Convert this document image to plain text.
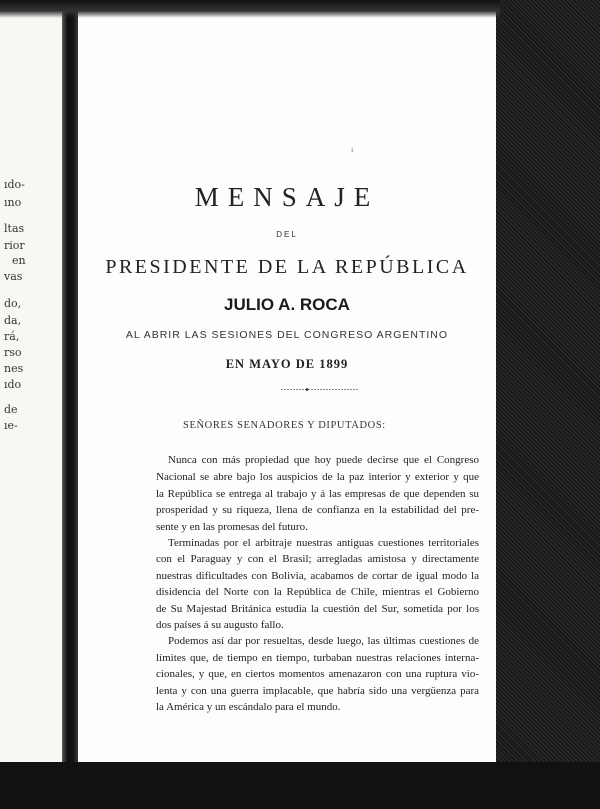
ıdo-
ıno
ltas
rior
en
vas
do,
da,
rá,
rso
nes
ıdo
de
ıe-
ı
MENSAJE
DEL
PRESIDENTE DE LA REPÚBLICA
JULIO A. ROCA
AL ABRIR LAS SESIONES DEL CONGRESO ARGENTINO
EN MAYO DE 1899
SEÑORES SENADORES Y DIPUTADOS:
Nunca con más propiedad que hoy puede decirse que el Congreso
Nacional se abre bajo los auspicios de la paz interior y exterior y que
la República se entrega al trabajo y á las empresas de que dependen su
prosperidad y su riqueza, llena de confianza en la estabilidad del pre-
sente y en las promesas del futuro.
Terminadas por el arbitraje nuestras antiguas cuestiones territoriales
con el Paraguay y con el Brasil; arregladas amistosa y directamente
nuestras dificultades con Bolivia, acabamos de cortar de igual modo la
disidencia del Norte con la República de Chile, mientras el Gobierno
de Su Majestad Británica estudia la cuestión del Sur, sometida por los
dos países á su augusto fallo.
Podemos así dar por resueltas, desde luego, las últimas cuestiones de
límites que, de tiempo en tiempo, turbaban nuestras relaciones interna-
cionales, y que, en ciertos momentos amenazaron con una ruptura vio-
lenta y con una guerra implacable, que habría sido una vergüenza para
la América y un escándalo para el mundo.
